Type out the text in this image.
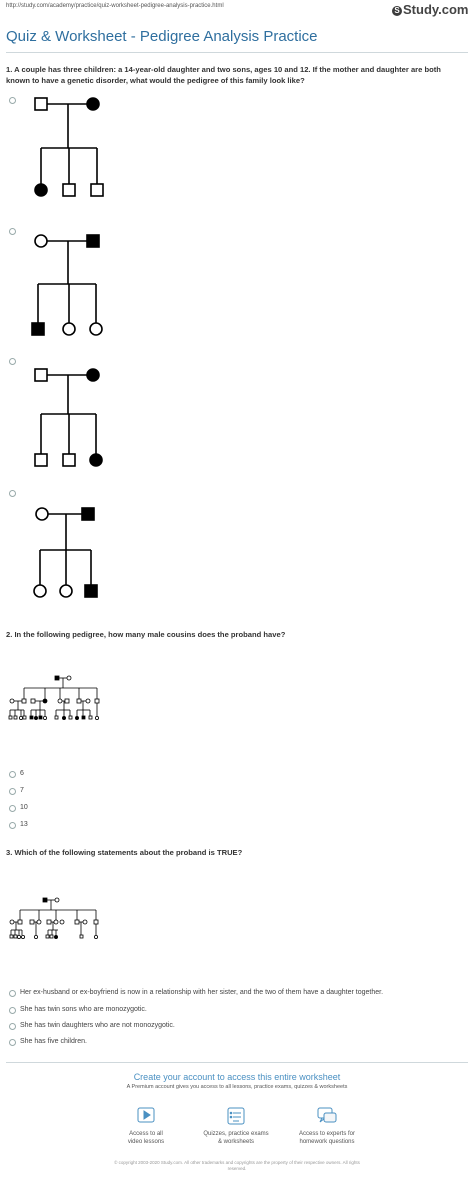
http://study.com/academy/practice/quiz-worksheet-pedigree-analysis-practice.html	S Study.com
Quiz & Worksheet - Pedigree Analysis Practice
1. A couple has three children: a 14-year-old daughter and two sons, ages 10 and 12. If the mother and daughter are both known to have a genetic disorder, what would the pedigree of this family look like?
2. In the following pedigree, how many male cousins does the proband have?
6
7
10
13
3. Which of the following statements about the proband is TRUE?
Her ex-husband or ex-boyfriend is now in a relationship with her sister, and the two of them have a daughter together.
She has twin sons who are monozygotic.
She has twin daughters who are not monozygotic.
She has five children.
Create your account to access this entire worksheet
A Premium account gives you access to all lessons, practice exams, quizzes & worksheets
Access to all
video lessons
Quizzes, practice exams
& worksheets
Access to experts for
homework questions
© copyright 2003-2020 Study.com. All other trademarks and copyrights are the property of their respective owners. All rights
reserved.
